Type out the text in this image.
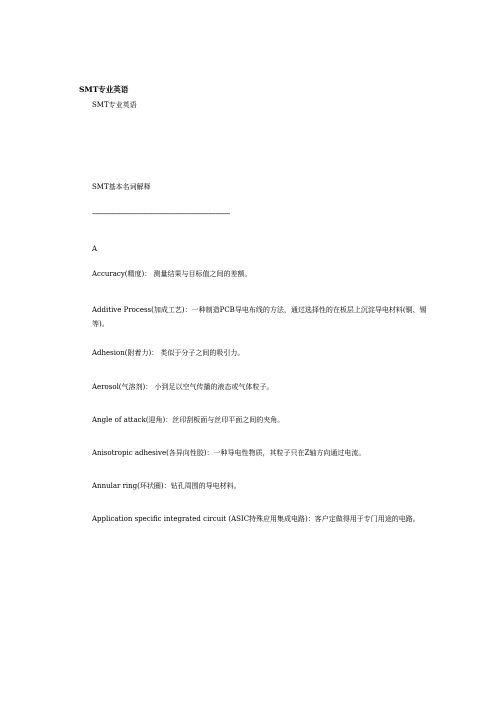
SMT专业英语
SMT专业英语
SMT基本名词解释
------------------------------------------------------------------------------
A
Accuracy(精度)： 测量结果与目标值之间的差额。
Additive Process(加成工艺)：一种制造PCB导电布线的方法，通过选择性的在板层上沉淀导电材料(铜、锡等)。
Adhesion(附着力)： 类似于分子之间的吸引力。
Aerosol(气溶剂)： 小到足以空气传播的液态或气体粒子。
Angle of attack(迎角)：丝印刮板面与丝印平面之间的夹角。
Anisotropic adhesive(各异向性胶)：一种导电性物质，其粒子只在Z轴方向通过电流。
Annular ring(环状圈)：钻孔周围的导电材料。
Application specific integrated circuit (ASIC特殊应用集成电路)：客户定做得用于专门用途的电路。
